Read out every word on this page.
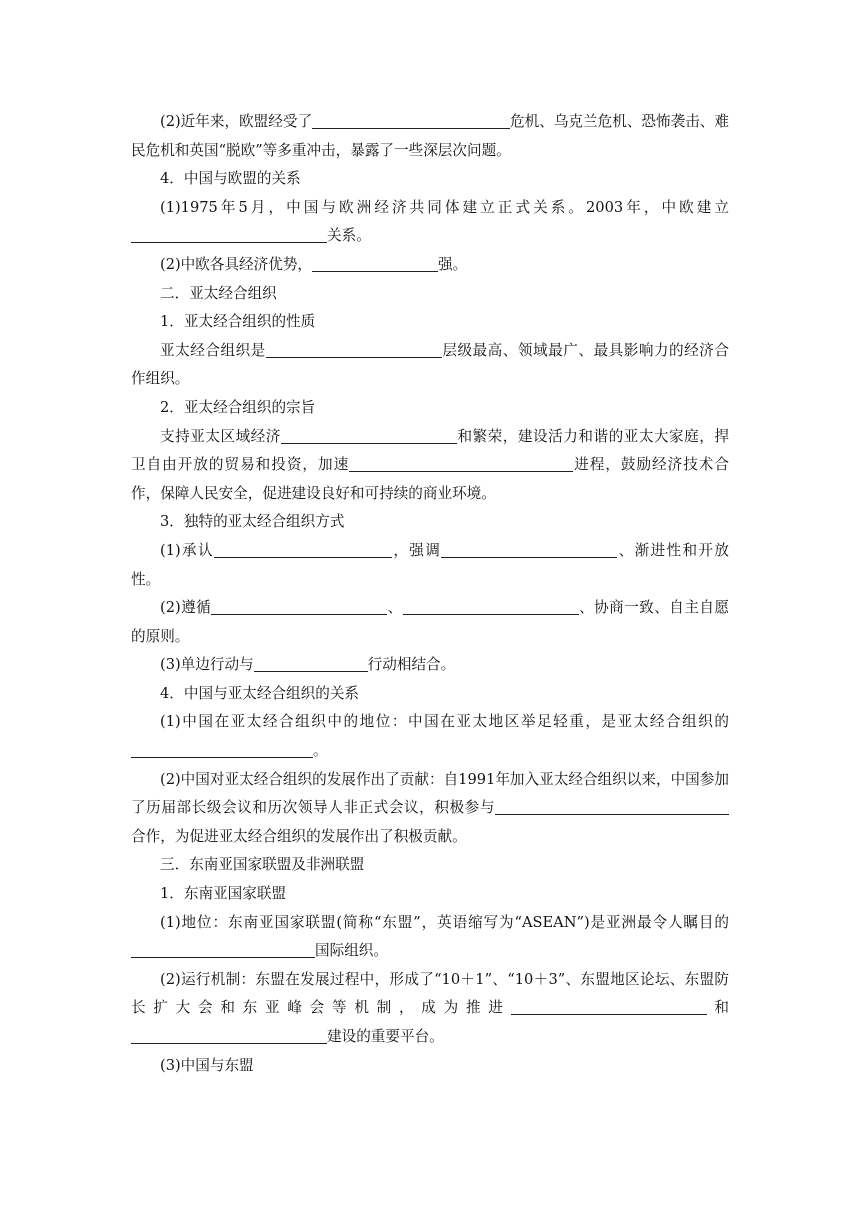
(2)近年来，欧盟经受了	危机、乌克兰危机、恐怖袭击、难民危机和英国“脱欧”等多重冲击，暴露了一些深层次问题。

4．中国与欧盟的关系

(1)1975年5月，中国与欧洲经济共同体建立正式关系。2003年，中欧建立关系。

(2)中欧各具经济优势，	强。

二．亚太经合组织

1．亚太经合组织的性质

亚太经合组织是	层级最高、领域最广、最具影响力的经济合作组织。

2．亚太经合组织的宗旨

支持亚太区域经济	和繁荣，建设活力和谐的亚太大家庭，捍卫自由开放的贸易和投资，加速	进程，鼓励经济技术合作，保障人民安全，促进建设良好和可持续的商业环境。

3．独特的亚太经合组织方式

(1)承认	，强调	、渐进性和开放性。

(2)遵循	、	、协商一致、自主自愿的原则。

(3)单边行动与	行动相结合。

4．中国与亚太经合组织的关系

(1)中国在亚太经合组织中的地位：中国在亚太地区举足轻重，是亚太经合组织的。

(2)中国对亚太经合组织的发展作出了贡献：自1991年加入亚太经合组织以来，中国参加了历届部长级会议和历次领导人非正式会议，积极参与合作，为促进亚太经合组织的发展作出了积极贡献。

三．东南亚国家联盟及非洲联盟

1．东南亚国家联盟

(1)地位：东南亚国家联盟(简称“东盟”，英语缩写为“ASEAN”)是亚洲最令人瞩目的国际组织。

(2)运行机制：东盟在发展过程中，形成了“10＋1”、“10＋3”、东盟地区论坛、东盟防长扩大会和东亚峰会等机制，成为推进	和建设的重要平台。

(3)中国与东盟
